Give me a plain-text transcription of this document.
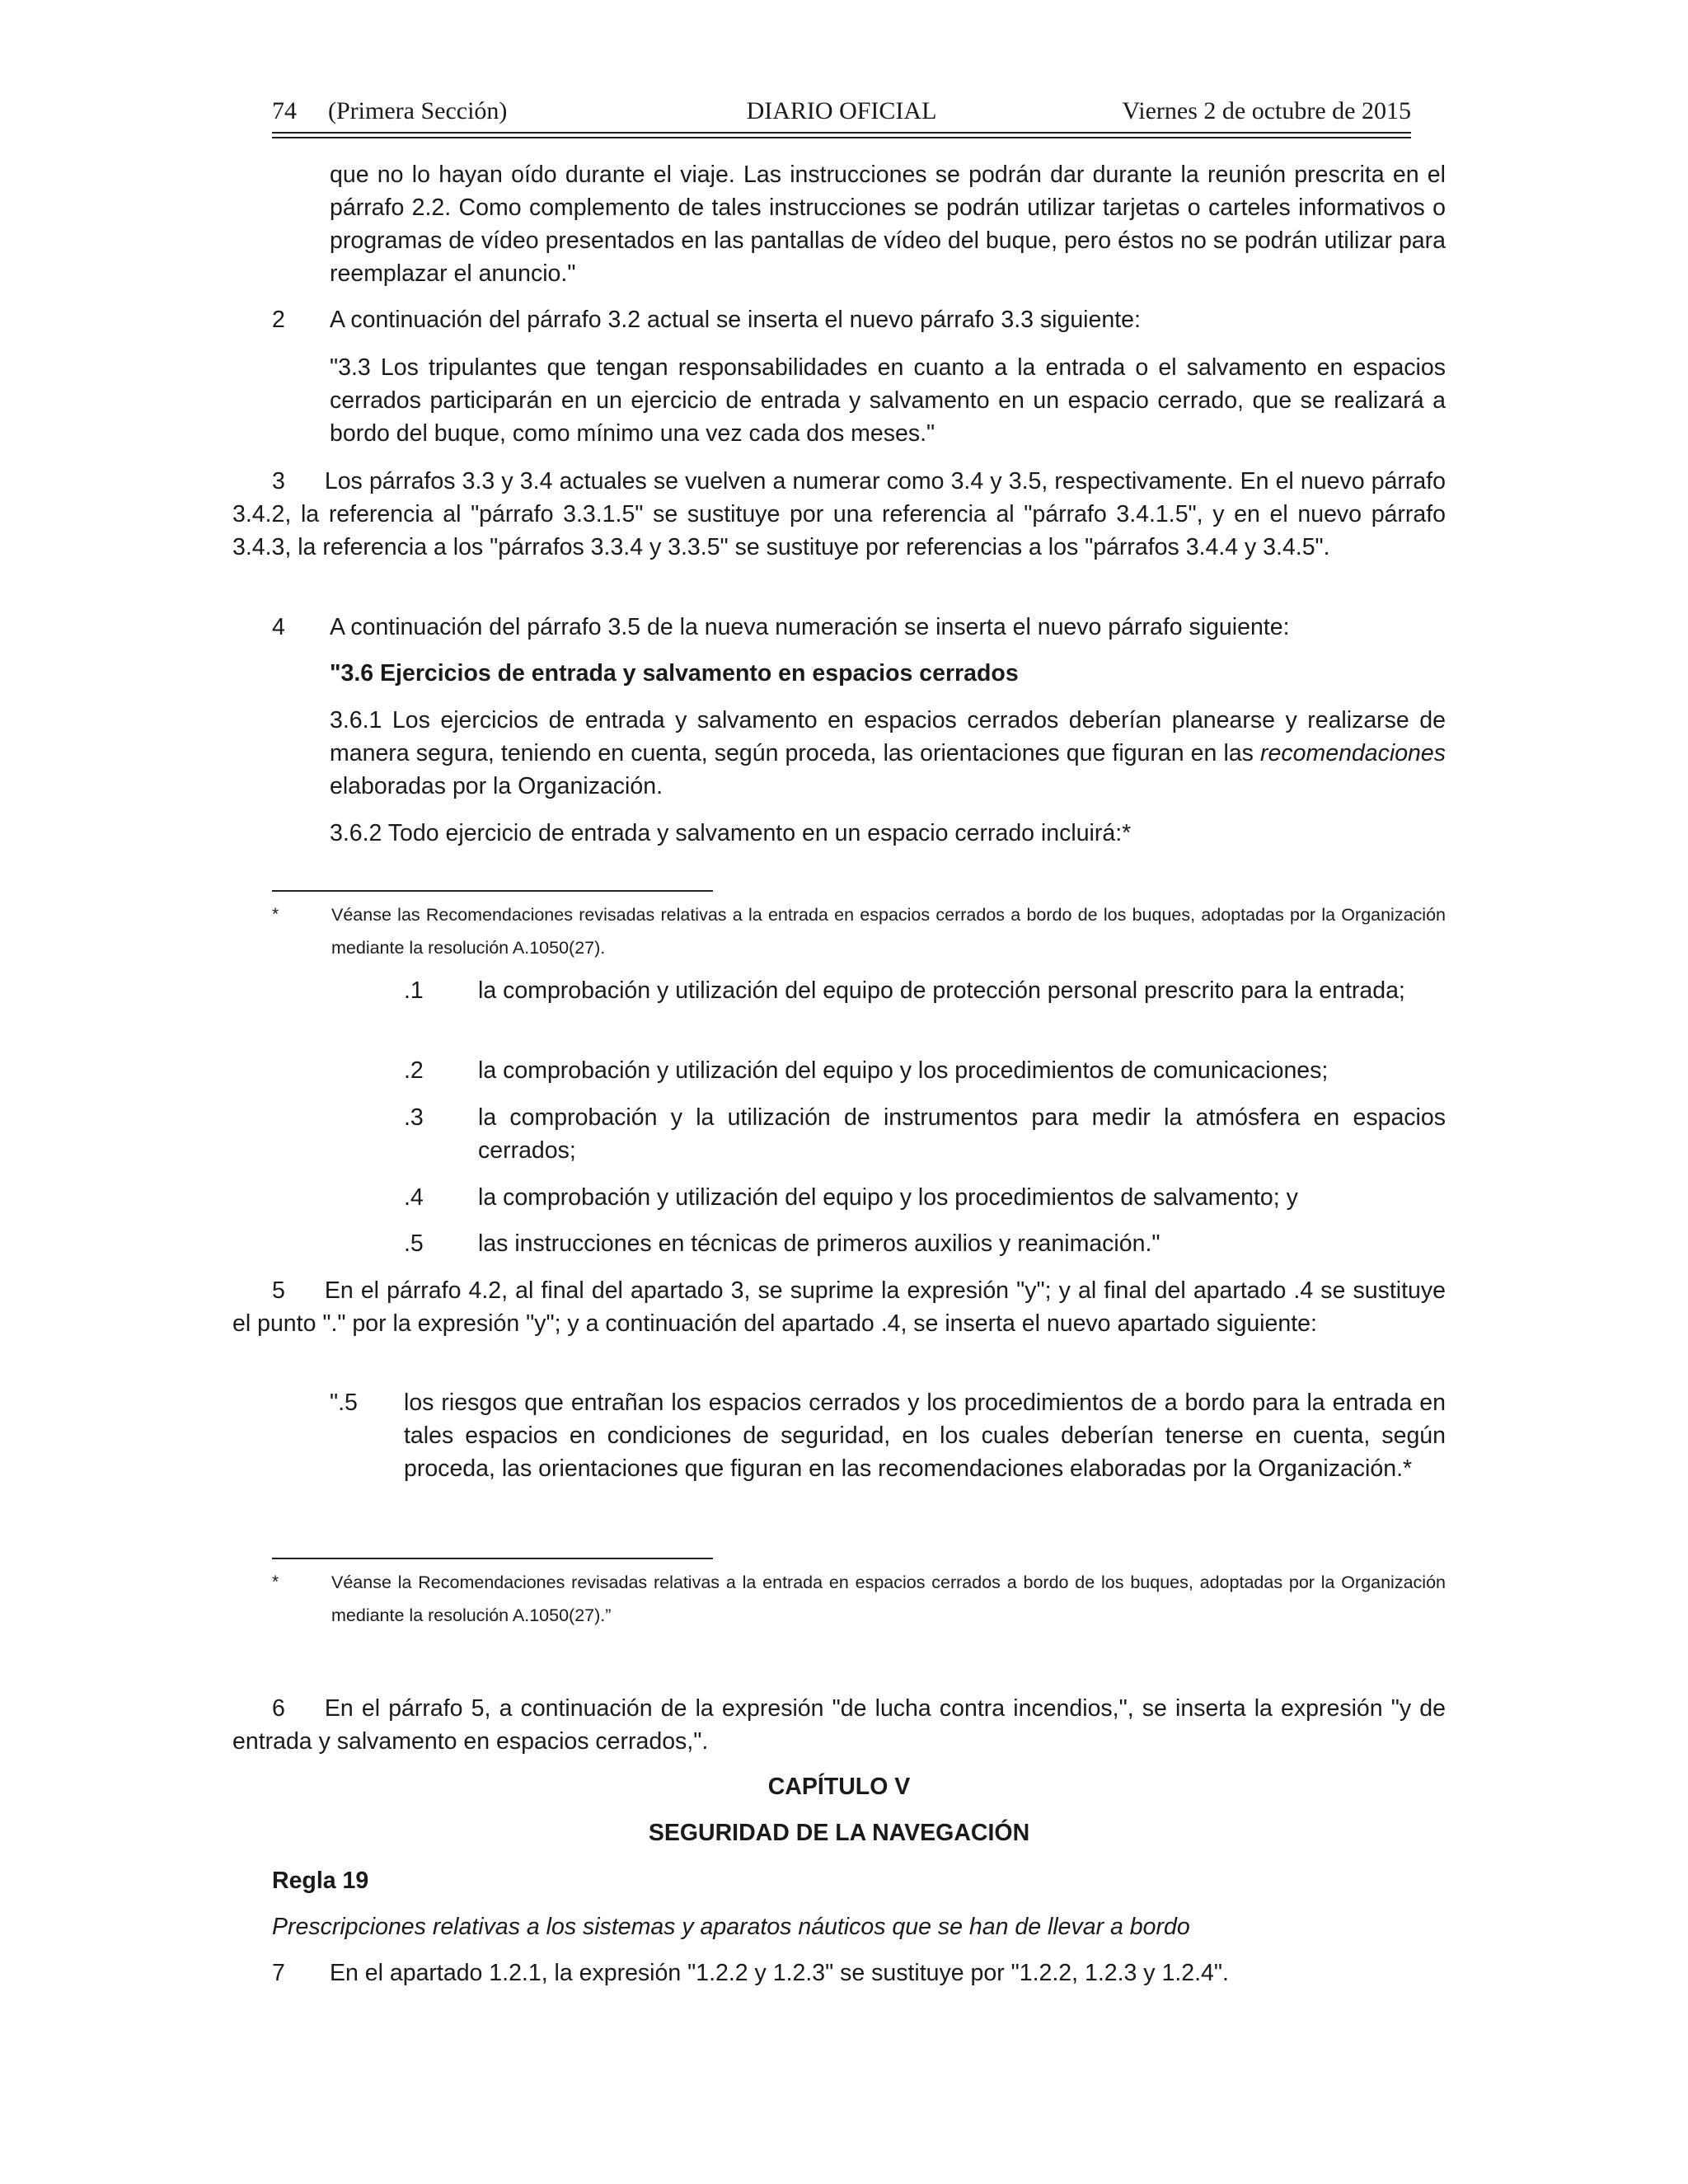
74 (Primera Sección)	DIARIO OFICIAL	Viernes 2 de octubre de 2015

que no lo hayan oído durante el viaje. Las instrucciones se podrán dar durante la reunión prescrita en el párrafo 2.2. Como complemento de tales instrucciones se podrán utilizar tarjetas o carteles informativos o programas de vídeo presentados en las pantallas de vídeo del buque, pero éstos no se podrán utilizar para reemplazar el anuncio."

2 A continuación del párrafo 3.2 actual se inserta el nuevo párrafo 3.3 siguiente:

"3.3 Los tripulantes que tengan responsabilidades en cuanto a la entrada o el salvamento en espacios cerrados participarán en un ejercicio de entrada y salvamento en un espacio cerrado, que se realizará a bordo del buque, como mínimo una vez cada dos meses."

3 Los párrafos 3.3 y 3.4 actuales se vuelven a numerar como 3.4 y 3.5, respectivamente. En el nuevo párrafo 3.4.2, la referencia al "párrafo 3.3.1.5" se sustituye por una referencia al "párrafo 3.4.1.5", y en el nuevo párrafo 3.4.3, la referencia a los "párrafos 3.3.4 y 3.3.5" se sustituye por referencias a los "párrafos 3.4.4 y 3.4.5".

4 A continuación del párrafo 3.5 de la nueva numeración se inserta el nuevo párrafo siguiente:

"3.6 Ejercicios de entrada y salvamento en espacios cerrados

3.6.1 Los ejercicios de entrada y salvamento en espacios cerrados deberían planearse y realizarse de manera segura, teniendo en cuenta, según proceda, las orientaciones que figuran en las recomendaciones elaboradas por la Organización.

3.6.2 Todo ejercicio de entrada y salvamento en un espacio cerrado incluirá:*

*	Véanse las Recomendaciones revisadas relativas a la entrada en espacios cerrados a bordo de los buques, adoptadas por la Organización mediante la resolución A.1050(27).

.1 la comprobación y utilización del equipo de protección personal prescrito para la entrada;

.2 la comprobación y utilización del equipo y los procedimientos de comunicaciones;

.3 la comprobación y la utilización de instrumentos para medir la atmósfera en espacios cerrados;

.4 la comprobación y utilización del equipo y los procedimientos de salvamento; y

.5 las instrucciones en técnicas de primeros auxilios y reanimación."

5 En el párrafo 4.2, al final del apartado 3, se suprime la expresión "y"; y al final del apartado .4 se sustituye el punto "." por la expresión "y"; y a continuación del apartado .4, se inserta el nuevo apartado siguiente:

".5 los riesgos que entrañan los espacios cerrados y los procedimientos de a bordo para la entrada en tales espacios en condiciones de seguridad, en los cuales deberían tenerse en cuenta, según proceda, las orientaciones que figuran en las recomendaciones elaboradas por la Organización.*

*	Véanse la Recomendaciones revisadas relativas a la entrada en espacios cerrados a bordo de los buques, adoptadas por la Organización mediante la resolución A.1050(27).”

6 En el párrafo 5, a continuación de la expresión "de lucha contra incendios,", se inserta la expresión "y de entrada y salvamento en espacios cerrados,".

CAPÍTULO V

SEGURIDAD DE LA NAVEGACIÓN

Regla 19

Prescripciones relativas a los sistemas y aparatos náuticos que se han de llevar a bordo

7 En el apartado 1.2.1, la expresión "1.2.2 y 1.2.3" se sustituye por "1.2.2, 1.2.3 y 1.2.4".
